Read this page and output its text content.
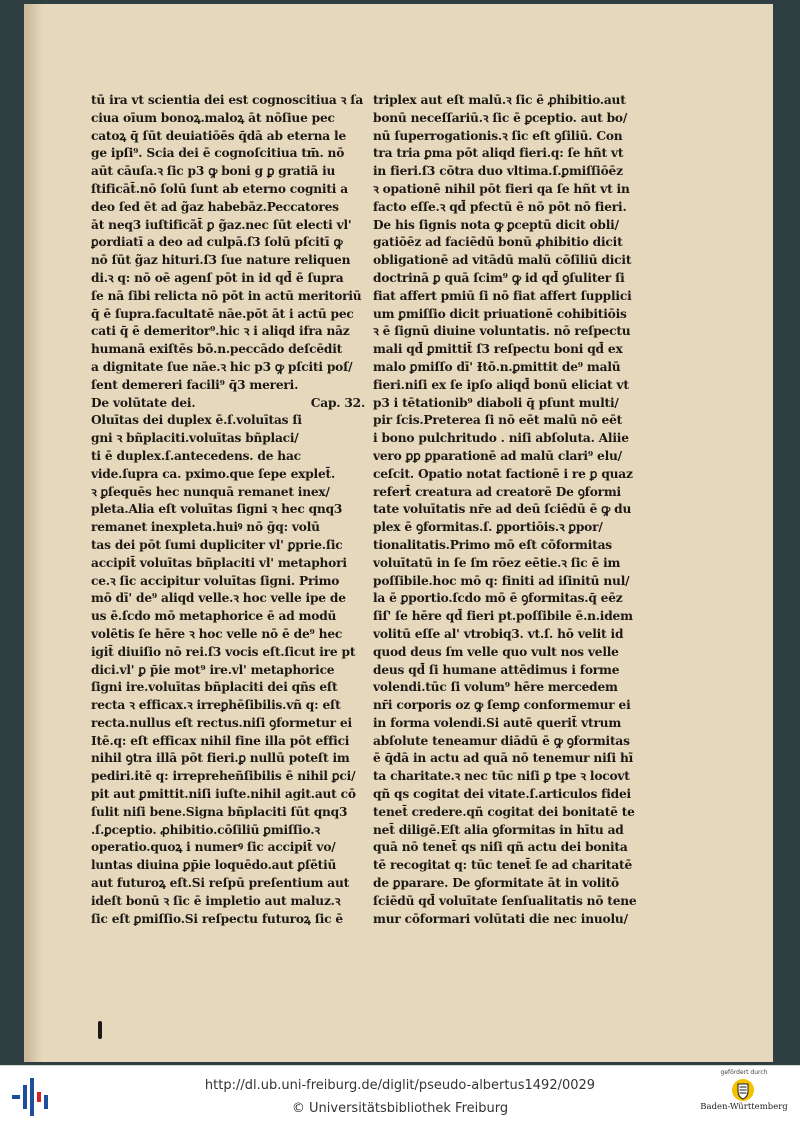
tū ira vt scientia dei est cognoscitiua ꝛ ſa
ciua oīum bonoꝝ.maloꝝ āt nōſiue pec
catoꝝ q̄ ſūt deuiatiōēs q̄dā ab eterna le
ge ipſi⁹. Scia dei ē cognoſcitiua tm̄. nō
aūt cāuſa.ꝛ ſic p3 ꝙ boni g ꝑ gratiā iu
ſtificāt̄.nō ſolū ſunt ab eterno cogniti a
deo ſed ēt ad g̃az habebāz.Peccatores
āt neq3 iuſtificāt̄ ꝑ g̃az.nec ſūt electi vl'
ꝑordiatī a deo ad culpā.ſ3 ſolū pſcitī ꝙ
nō ſūt g̃az hituri.ſ3 ſue nature reliquen
di.ꝛ q: nō oē agenſ pōt in id qd̄ ē ſupra
ſe nā ſibi relicta nō pōt in actū meritoriū
q̄ ē ſupra.facultatē nāe.pōt āt i actū pec
cati q̄ ē demeritor⁹.hic ꝛ i aliqd ifra nāz
humanā exiſtēs bō.n.peccādo deſcēdit
a dignitate ſue nāe.ꝛ hic p3 ꝙ pſciti poſ/
ſent demereri facili⁹ q̄3 mereri.
De volūtate dei.	Cap. 32.
Oluītas dei duplex ē.ſ.voluītas ſi
gni ꝛ bñplaciti.voluītas bñplaci/
ti ē duplex.ſ.antecedens. de hac
vide.ſupra ca. pximo.que ſepe explet̄.
ꝛ ꝑſequēs hec nunquā remanet inex/
pleta.Alia eſt voluītas ſigni ꝛ hec qnq3
remanet inexpleta.huiꝰ nō ḡq: volū
tas dei pōt ſumi dupliciter vl' ꝑprie.ſic
accipit̄ voluītas bñplaciti vl' metaphori
ce.ꝛ ſic accipitur voluītas ſigni. Primo
mō dī' de⁹ aliqd velle.ꝛ hoc velle ipe de
us ē.ſcdo mō metaphorice ē ad modū
volētis ſe hēre ꝛ hoc velle nō ē de⁹ hec
igit̄ diuiſio nō rei.ſ3 vocis eſt.ſicut ire pt
dici.vl' ꝑ p̄ie mot⁹ ire.vl' metaphorice
ſigni ire.voluītas bñplaciti dei qñs eſt
recta ꝛ efficax.ꝛ irreꝑhēſibilis.vñ q: eſt
recta.nullus eſt rectus.niſi ꝯformetur ei
Itē.q: eſt efficax nihil fine illa pōt effici
nihil ꝯtra illā pōt fieri.ꝑ nullū poteſt im
pediri.itē q: irrepreheñſibilis ē nihil ꝑci/
pit aut ꝑmittit.niſi iuſte.nihil agit.aut cō
ſulit niſi bene.Signa bñplaciti ſūt qnq3
.ſ.ꝑceptio. ꝓhibitio.cōſiliū ꝑmiſſio.ꝛ
operatio.quoꝝ i numerꝰ ſic accipit̄ vo/
luntas diuina ꝑp̄ie loquēdo.aut ꝑſētiū
aut futuroꝝ eſt.Si reſpū preſentium aut
ideſt bonū ꝛ ſic ē impletio aut maluz.ꝛ
ſic eſt ꝑmiſſio.Si reſpectu futuroꝝ ſic ē
triplex aut eſt malū.ꝛ ſic ē ꝓhibitio.aut
bonū neceſſariū.ꝛ ſic ē ꝑceptio. aut bo/
nū ſuperrogationis.ꝛ ſic eſt ꝯſiliū. Con
tra tria ꝑma pōt aliqd fieri.q: ſe hñt vt
in fieri.ſ3 cōtra duo vltima.ſ.ꝑmiſſiōēz
ꝛ opationē nihil pōt fieri qa ſe hñt vt in
facto eſſe.ꝛ qd̄ pfectū ē nō pōt nō fieri.
De his ſignis nota ꝙ ꝑceptū dicit obli/
gatiōēz ad faciēdū bonū ꝓhibitio dicit
obligationē ad vitādū malū cōſiliū dicit
doctrinā ꝑ quā ſcim⁹ ꝙ id qd̄ ꝯſuliter ſi
fiat affert pmiū ſi nō fiat affert ſupplici
um ꝑmiſſio dicit priuationē cohibitiōis
ꝛ ē ſignū diuine voluntatis. nō reſpectu
mali qd̄ ꝑmittit̄ ſ3 reſpectu boni qd̄ ex
malo ꝑmiſſo dī' Ɨtō.n.ꝑmittit de⁹ malū
fieri.niſi ex ſe ipſo aliqd̄ bonū eliciat vt
p3 i tētationib⁹ diaboli q̄ pſunt multi/
pir ſcis.Preterea ſi nō eēt malū nō eēt
i bono pulchritudo . niſi abſoluta. Aliie
vero ꝑꝑ ꝑparationē ad malū clari⁹ elu/
ceſcit. Opatio notat factionē i re ꝑ quaz
refert̄ creatura ad creatorē De ꝯformi
tate voluītatis nr̄e ad deū ſciēdū ē ꝙ du
plex ē ꝯformitas.ſ. ꝑportiōis.ꝛ ꝑpor/
tionalitatis.Primo mō eſt cōformitas
voluītatū in ſe ſm rōez eētie.ꝛ ſic ē im
poſſibile.hoc mō q: finiti ad iſinitū nul/
la ē ꝑportio.ſcdo mō ē ꝯformitas.q̄ eēz
ſiſ' ſe hēre qd̄ fieri pt.poſſibile ē.n.idem
volitū eſſe al' vtrobiq3. vt.ſ. hō velit id
quod deus ſm velle quo vult nos velle
deus qd̄ ſi humane attēdimus i forme
volendi.tūc ſi volum⁹ hēre mercedem
nr̄i corporis oz ꝙ ſemꝑ conformemur ei
in forma volendi.Si autē querit̄ vtrum
abſolute teneamur diādū ē ꝙ ꝯformitas
ē q̄dā in actu ad quā nō tenemur niſi hī
ta charitate.ꝛ nec tūc niſi ꝑ tpe ꝛ locovt
qñ qs cogitat dei vitate.ſ.articulos fidei
tenet̄ credere.qñ cogitat dei bonitatē te
net̄ diligē.Eſt alia ꝯformitas in hītu ad
quā nō tenet̄ qs niſi qñ actu dei bonita
tē recogitat q: tūc tenet̄ ſe ad charitatē
de ꝑparare. De ꝯformitate āt in volitō
ſciēdū qd̄ voluītate ſenſualitatis nō tene
mur cōformari volūtati die nec inuolu/
http://dl.ub.uni-freiburg.de/diglit/pseudo-albertus1492/0029
© Universitätsbibliothek Freiburg
gefördert durch
Baden-Württemberg
